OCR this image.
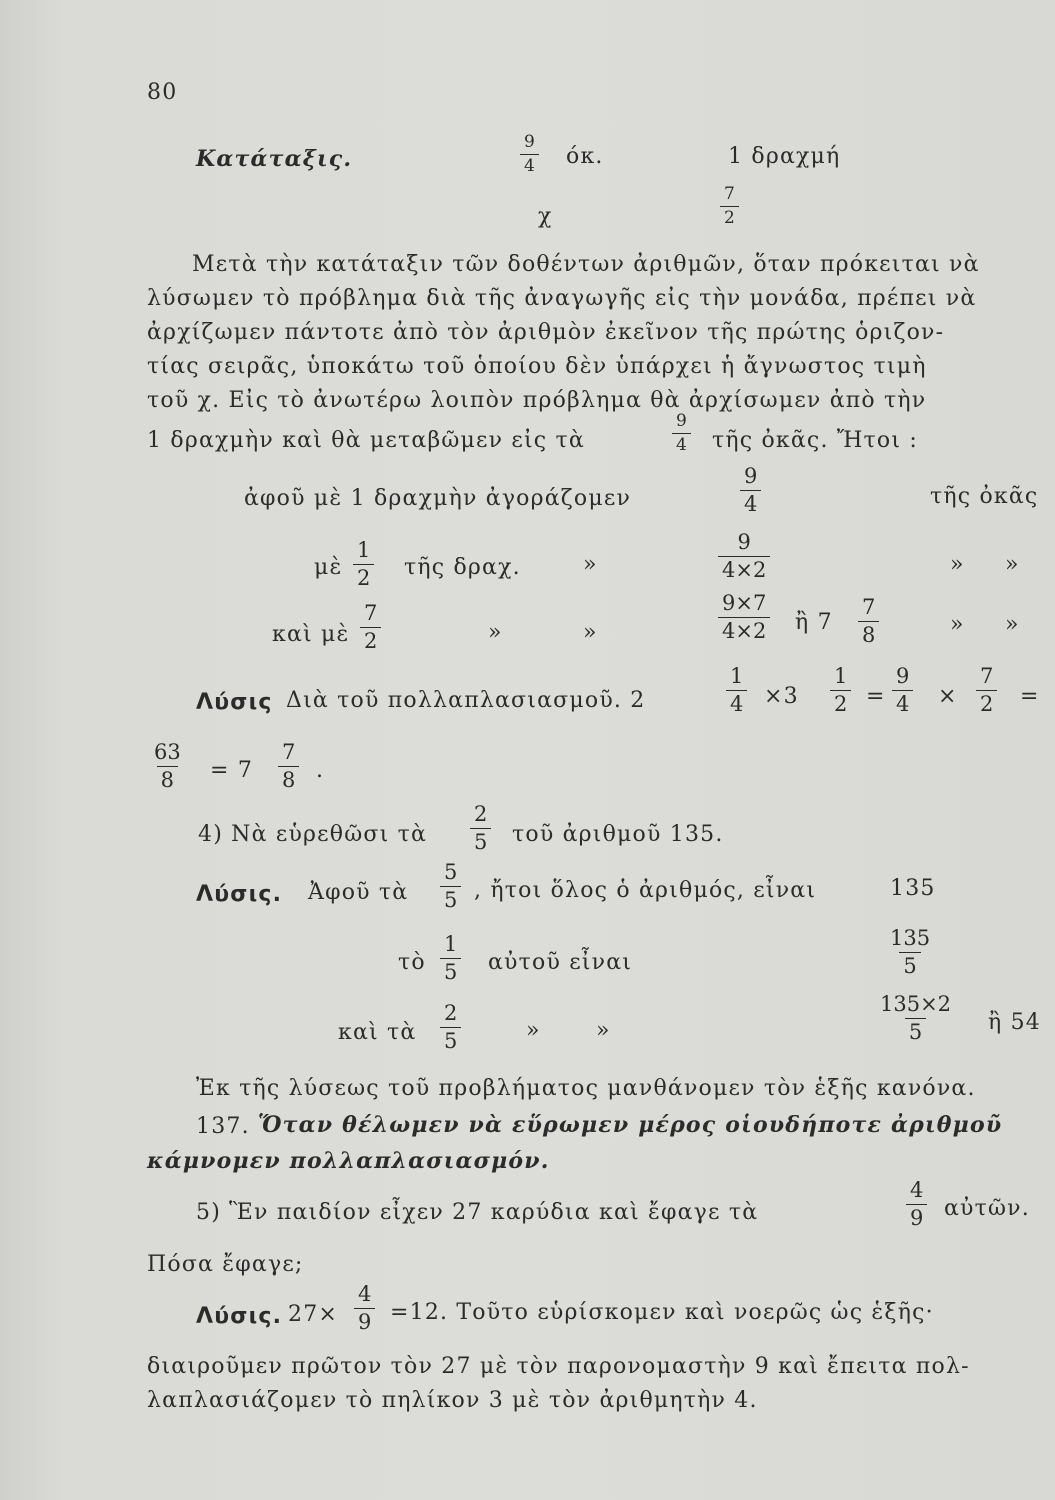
80
Κατάταξις.	$\frac{9}{4} ό\kappa$.	1 δραχμή
χ	$\frac{7}{2}$
Μετὰ τὴν κατάταξιν τῶν δοθέντων ἀριθμῶν, ὅταν πρόκειται νὰ
λύσωμεν τὸ πρόβλημα διὰ τῆς ἀναγωγῆς εἰς τὴν μονάδα, πρέπει νὰ
ἀρχίζωμεν πάντοτε ἀπὸ τὸν ἀριθμὸν ἐκεῖνον τῆς πρώτης ὁριζον-
τίας σειρᾶς, ὑποκάτω τοῦ ὁποίου δὲν ὑπάρχει ἡ ἄγνωστος τιμὴ
τοῦ χ. Εἰς τὸ ἀνωτέρω λοιπὸν πρόβλημα θὰ ἀρχίσωμεν ἀπὸ τὴν
1 δραχμὴν καὶ θὰ μεταβῶμεν εἰς τὰ	$\frac{9}{4}$ τῆς ὀκᾶς. Ἤτοι :
ἀφοῦ μὲ 1 δραχμὴν ἀγοράζομεν	$\frac{9}{4}$	τῆς ὀκᾶς
μὲ $\frac{1}{2}$ τῆς δραχ.	»	$\frac{9}{4\times 2}$	» »
καὶ μὲ $\frac{7}{2}$	»	»	$\frac{9\times 7}{4\times 2}$ ἢ $7 \frac{7}{8}$	» »
Λύσις Διὰ τοῦ πολλαπλασιασμοῦ. 2	$\frac{1}{4} \times 3 \frac{1}{2} = \frac{9}{4} \times \frac{7}{2}$ =
$\frac{63}{8} = 7 \frac{7}{8}$ .
4) Νὰ εὑρεθῶσι τὰ $\frac{2}{5}$ τοῦ ἀριθμοῦ 135.
Λύσις. Ἀφοῦ τὰ $\frac{5}{5}$ , ἤτοι ὅλος ὁ ἀριθμός, εἶναι	135
τὸ $\frac{1}{5}$ αὐτοῦ εἶναι	$\frac{135}{5}$
καὶ τὰ $\frac{2}{5}$	»	»	$\frac{135\times 2}{5}$ ἢ 54
Ἐκ τῆς λύσεως τοῦ προβλήματος μανθάνομεν τὸν ἑξῆς κανόνα.
137. Ὅταν θέλωμεν νὰ εὕρωμεν μέρος οἱουδήποτε ἀριθμοῦ
κάμνομεν πολλαπλασιασμόν.
5) Ἓν παιδίον εἶχεν 27 καρύδια καὶ ἔφαγε τὰ	$\frac{4}{9}$ αὐτῶν.
Πόσα ἔφαγε;
Λύσις. $27\times \frac{4}{9} =12$. Τοῦτο εὑρίσκομεν καὶ νοερῶς ὡς ἑξῆς·
διαιροῦμεν πρῶτον τὸν 27 μὲ τὸν παρονομαστὴν 9 καὶ ἔπειτα πολ-
λαπλασιάζομεν τὸ πηλίκον 3 μὲ τὸν ἀριθμητὴν 4.
